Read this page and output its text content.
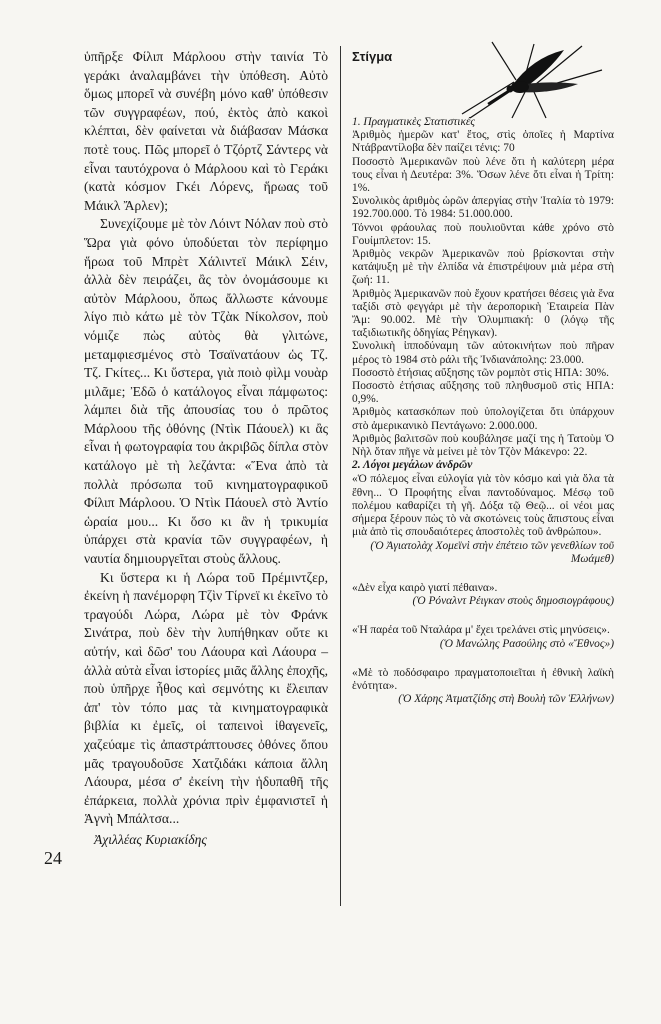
ὑπῆρξε Φίλιπ Μάρλοου στὴν ταινία Τὸ γεράκι ἀναλαμβάνει τὴν ὑπόθεση. Αὐτὸ ὅμως μπορεῖ νὰ συνέβη μόνο καθ' ὑπόθεσιν τῶν συγγραφέων, πού, ἐκτὸς ἀπὸ κακοὶ κλέπται, δὲν φαίνεται νὰ διάβασαν Μάσκα ποτὲ τους. Πῶς μπορεῖ ὁ Τζόρτζ Σάντερς νὰ εἶναι ταυτόχρονα ὁ Μάρλοου καὶ τὸ Γεράκι (κατὰ κόσμον Γκέι Λόρενς, ἥρωας τοῦ Μάικλ Ἄρλεν);

Συνεχίζουμε μὲ τὸν Λόιντ Νόλαν ποὺ στὸ Ὥρα γιὰ φόνο ὑποδύεται τὸν περίφημο ἥρωα τοῦ Μπρὲτ Χάλιντεϊ Μάικλ Σέιν, ἀλλὰ δὲν πειράζει, ἂς τὸν ὀνομάσουμε κι αὐτὸν Μάρλοου, ὅπως ἄλλωστε κάνουμε λίγο πιὸ κάτω μὲ τὸν Τζὰκ Νίκολσον, ποὺ νόμιζε πὼς αὐτὸς θὰ γλιτώνε, μεταμφιεσμένος στὸ Τσαϊνατάουν ὡς Τζ. Τζ. Γκίτες... Κι ὕστερα, γιὰ ποιὸ φὶλμ νουὰρ μιλᾶμε; Ἐδῶ ὁ κατάλογος εἶναι πάμφωτος: λάμπει διὰ τῆς ἀπουσίας του ὁ πρῶτος Μάρλοου τῆς ὀθόνης (Ντὶκ Πάουελ) κι ἂς εἶναι ἡ φωτογραφία του ἀκριβῶς δίπλα στὸν κατάλογο μὲ τὴ λεζάντα: «Ἕνα ἀπὸ τὰ πολλὰ πρόσωπα τοῦ κινηματογραφικοῦ Φίλιπ Μάρλοου. Ὁ Ντὶκ Πάουελ στὸ Ἀντίο ὡραία μου... Κι ὅσο κι ἂν ἡ τρικυμία ὑπάρχει στὰ κρανία τῶν συγγραφέων, ἡ ναυτία δημιουργεῖται στοὺς ἄλλους.

Κι ὕστερα κι ἡ Λώρα τοῦ Πρέμιντζερ, ἐκείνη ἡ πανέμορφη Τζὶν Τίρνεϊ κι ἐκεῖνο τὸ τραγούδι Λώρα, Λώρα μὲ τὸν Φράνκ Σινάτρα, ποὺ δὲν τὴν λυπήθηκαν οὔτε κι αὐτήν, καὶ δῶσ' του Λάουρα καὶ Λάουρα – ἀλλὰ αὐτὰ εἶναι ἱστορίες μιᾶς ἄλλης ἐποχῆς, ποὺ ὑπῆρχε ἦθος καὶ σεμνότης κι ἔλειπαν ἀπ' τὸν τόπο μας τὰ κινηματογραφικὰ βιβλία κι ἐμεῖς, οἱ ταπεινοὶ ἰθαγενεῖς, χαζεύαμε τὶς ἀπαστράπτουσες ὀθόνες ὅπου μᾶς τραγουδοῦσε Χατζιδάκι κάποια ἄλλη Λάουρα, μέσα σ' ἐκείνη τὴν ἡδυπαθῆ τῆς ἐπάρκεια, πολλὰ χρόνια πρὶν ἐμφανιστεῖ ἡ Ἁγνὴ Μπάλτσα...

Ἀχιλλέας Κυριακίδης

24
Στίγμα

1. Πραγματικὲς Στατιστικές

Ἀριθμὸς ἡμερῶν κατ' ἔτος, στὶς ὁποῖες ἡ Μαρτίνα Ντάβραντίλοβα δὲν παίζει τένις: 70

Ποσοστὸ Ἀμερικανῶν ποὺ λένε ὅτι ἡ καλύτερη μέρα τους εἶναι ἡ Δευτέρα: 3%. Ὅσων λένε ὅτι εἶναι ἡ Τρίτη: 1%.

Συνολικὸς ἀριθμὸς ὡρῶν ἀπεργίας στὴν Ἰταλία τὸ 1979: 192.700.000. Τὸ 1984: 51.000.000.

Τόννοι φράουλας ποὺ πουλιοῦνται κάθε χρόνο στὸ Γουίμπλετον: 15.

Ἀριθμὸς νεκρῶν Ἀμερικανῶν ποὺ βρίσκονται στὴν κατάψυξη μὲ τὴν ἐλπίδα νὰ ἐπιστρέψουν μιὰ μέρα στὴ ζωή: 11.

Ἀριθμὸς Ἀμερικανῶν ποὺ ἔχουν κρατήσει θέσεις γιὰ ἕνα ταξίδι στὸ φεγγάρι μὲ τὴν ἀεροπορικὴ Ἑταιρεία Πὰν Ἄμ: 90.002. Μὲ τὴν Ὀλυμπιακή: 0 (λόγῳ τῆς ταξιδιωτικῆς ὁδηγίας Ρέηγκαν).

Συνολικὴ ἱπποδύναμη τῶν αὐτοκινήτων ποὺ πῆραν μέρος τὸ 1984 στὸ ράλι τῆς Ἰνδιανάπολης: 23.000.

Ποσοστὸ ἐτήσιας αὔξησης τῶν ρομπὸτ στὶς ΗΠΑ: 30%.

Ποσοστὸ ἐτήσιας αὔξησης τοῦ πληθυσμοῦ στὶς ΗΠΑ: 0,9%.

Ἀριθμὸς κατασκόπων ποὺ ὑπολογίζεται ὅτι ὑπάρχουν στὸ ἀμερικανικὸ Πεντάγωνο: 2.000.000.

Ἀριθμὸς βαλιτσῶν ποὺ κουβάλησε μαζί της ἡ Τατοὺμ Ὁ Νὴλ ὅταν πῆγε νὰ μείνει μὲ τὸν Τζὸν Μάκενρο: 22.

2. Λόγοι μεγάλων ἀνδρῶν

«Ὁ πόλεμος εἶναι εὐλογία γιὰ τὸν κόσμο καὶ γιὰ ὅλα τὰ ἔθνη... Ὁ Προφήτης εἶναι παντοδύναμος. Μέσῳ τοῦ πολέμου καθαρίζει τὴ γῆ. Δόξα τῷ Θεῷ... οἱ νέοι μας σήμερα ξέρουν πὼς τὸ νὰ σκοτώνεις τοὺς ἄπιστους εἶναι μιὰ ἀπὸ τὶς σπουδαιότερες ἀποστολὲς τοῦ ἀνθρώπου».

(Ὁ Ἀγιατολὰχ Χομεϊνὶ στὴν ἐπέτειο τῶν γενεθλίων τοῦ Μωάμεθ)

«Δὲν εἶχα καιρὸ γιατί πέθαινα».

(Ὁ Ρόναλντ Ρέιγκαν στοὺς δημοσιογράφους)

«Ἡ παρέα τοῦ Νταλάρα μ' ἔχει τρελάνει στὶς μηνύσεις».

(Ὁ Μανώλης Ρασούλης στὸ «Ἔθνος»)

«Μὲ τὸ ποδόσφαιρο πραγματοποιεῖται ἡ ἐθνικὴ λαϊκὴ ἑνότητα».

(Ὁ Χάρης Ἀτματζίδης στὴ Βουλὴ τῶν Ἑλλήνων)
